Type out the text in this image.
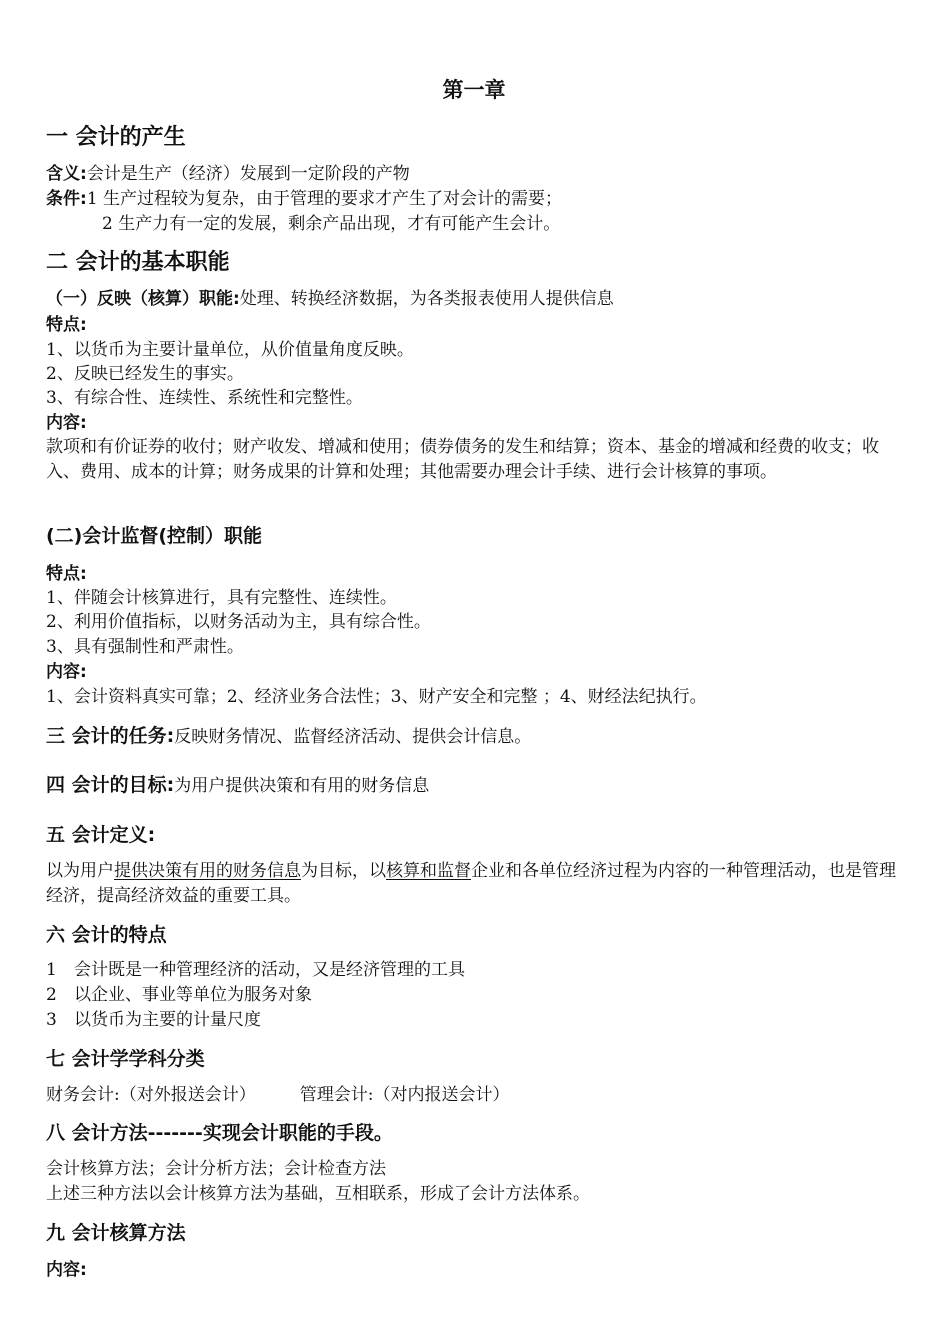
第一章
一 会计的产生
含义:会计是生产（经济）发展到一定阶段的产物
条件:1 生产过程较为复杂，由于管理的要求才产生了对会计的需要；
2 生产力有一定的发展，剩余产品出现，才有可能产生会计。
二 会计的基本职能
（一）反映（核算）职能:处理、转换经济数据，为各类报表使用人提供信息
特点:
1、以货币为主要计量单位，从价值量角度反映。
2、反映已经发生的事实。
3、有综合性、连续性、系统性和完整性。
内容:
款项和有价证券的收付；财产收发、增减和使用；债券债务的发生和结算；资本、基金的增减和经费的收支；收入、费用、成本的计算；财务成果的计算和处理；其他需要办理会计手续、进行会计核算的事项。
(二)会计监督(控制）职能
特点:
1、伴随会计核算进行，具有完整性、连续性。
2、利用价值指标，以财务活动为主，具有综合性。
3、具有强制性和严肃性。
内容:
1、会计资料真实可靠；2、经济业务合法性；3、财产安全和完整 ；4、财经法纪执行。
三 会计的任务:反映财务情况、监督经济活动、提供会计信息。
四 会计的目标:为用户提供决策和有用的财务信息
五 会计定义:
以为用户提供决策有用的财务信息为目标，以核算和监督企业和各单位经济过程为内容的一种管理活动，也是管理经济，提高经济效益的重要工具。
六 会计的特点
1 会计既是一种管理经济的活动，又是经济管理的工具
2 以企业、事业等单位为服务对象
3 以货币为主要的计量尺度
七 会计学学科分类
财务会计:（对外报送会计）	管理会计:（对内报送会计）
八 会计方法-------实现会计职能的手段。
会计核算方法；会计分析方法；会计检查方法
上述三种方法以会计核算方法为基础，互相联系，形成了会计方法体系。
九 会计核算方法
内容:
